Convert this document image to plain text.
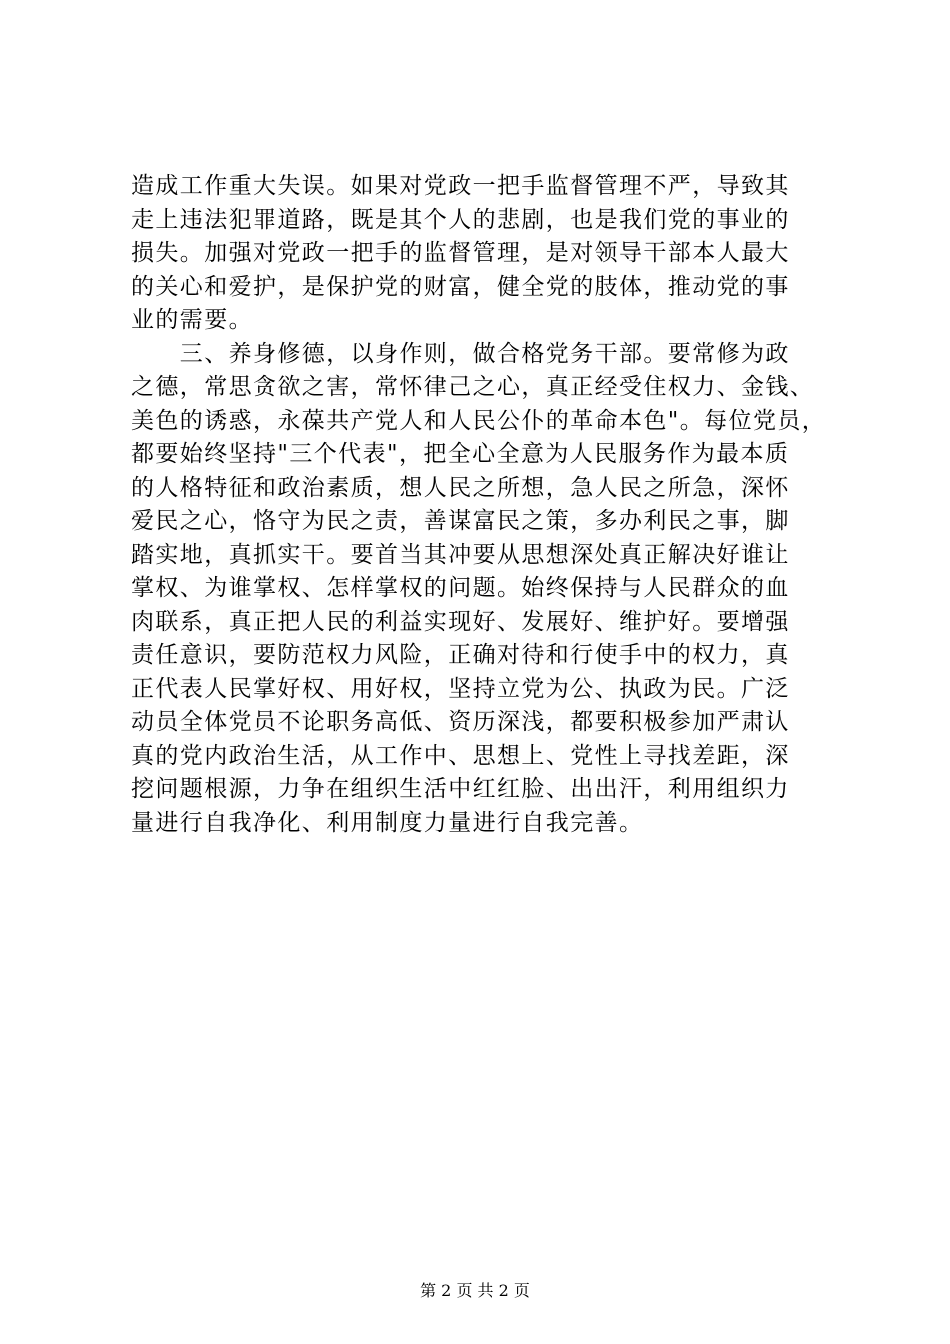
造成工作重大失误。如果对党政一把手监督管理不严，导致其
走上违法犯罪道路，既是其个人的悲剧，也是我们党的事业的
损失。加强对党政一把手的监督管理，是对领导干部本人最大
的关心和爱护，是保护党的财富，健全党的肢体，推动党的事
业的需要。
　　三、养身修德，以身作则，做合格党务干部。要常修为政
之德，常思贪欲之害，常怀律己之心，真正经受住权力、金钱、
美色的诱惑，永葆共产党人和人民公仆的革命本色"。每位党员，
都要始终坚持"三个代表"，把全心全意为人民服务作为最本质
的人格特征和政治素质，想人民之所想，急人民之所急，深怀
爱民之心，恪守为民之责，善谋富民之策，多办利民之事，脚
踏实地，真抓实干。要首当其冲要从思想深处真正解决好谁让
掌权、为谁掌权、怎样掌权的问题。始终保持与人民群众的血
肉联系，真正把人民的利益实现好、发展好、维护好。要增强
责任意识，要防范权力风险，正确对待和行使手中的权力，真
正代表人民掌好权、用好权，坚持立党为公、执政为民。广泛
动员全体党员不论职务高低、资历深浅，都要积极参加严肃认
真的党内政治生活，从工作中、思想上、党性上寻找差距，深
挖问题根源，力争在组织生活中红红脸、出出汗，利用组织力
量进行自我净化、利用制度力量进行自我完善。
第 2 页 共 2 页
